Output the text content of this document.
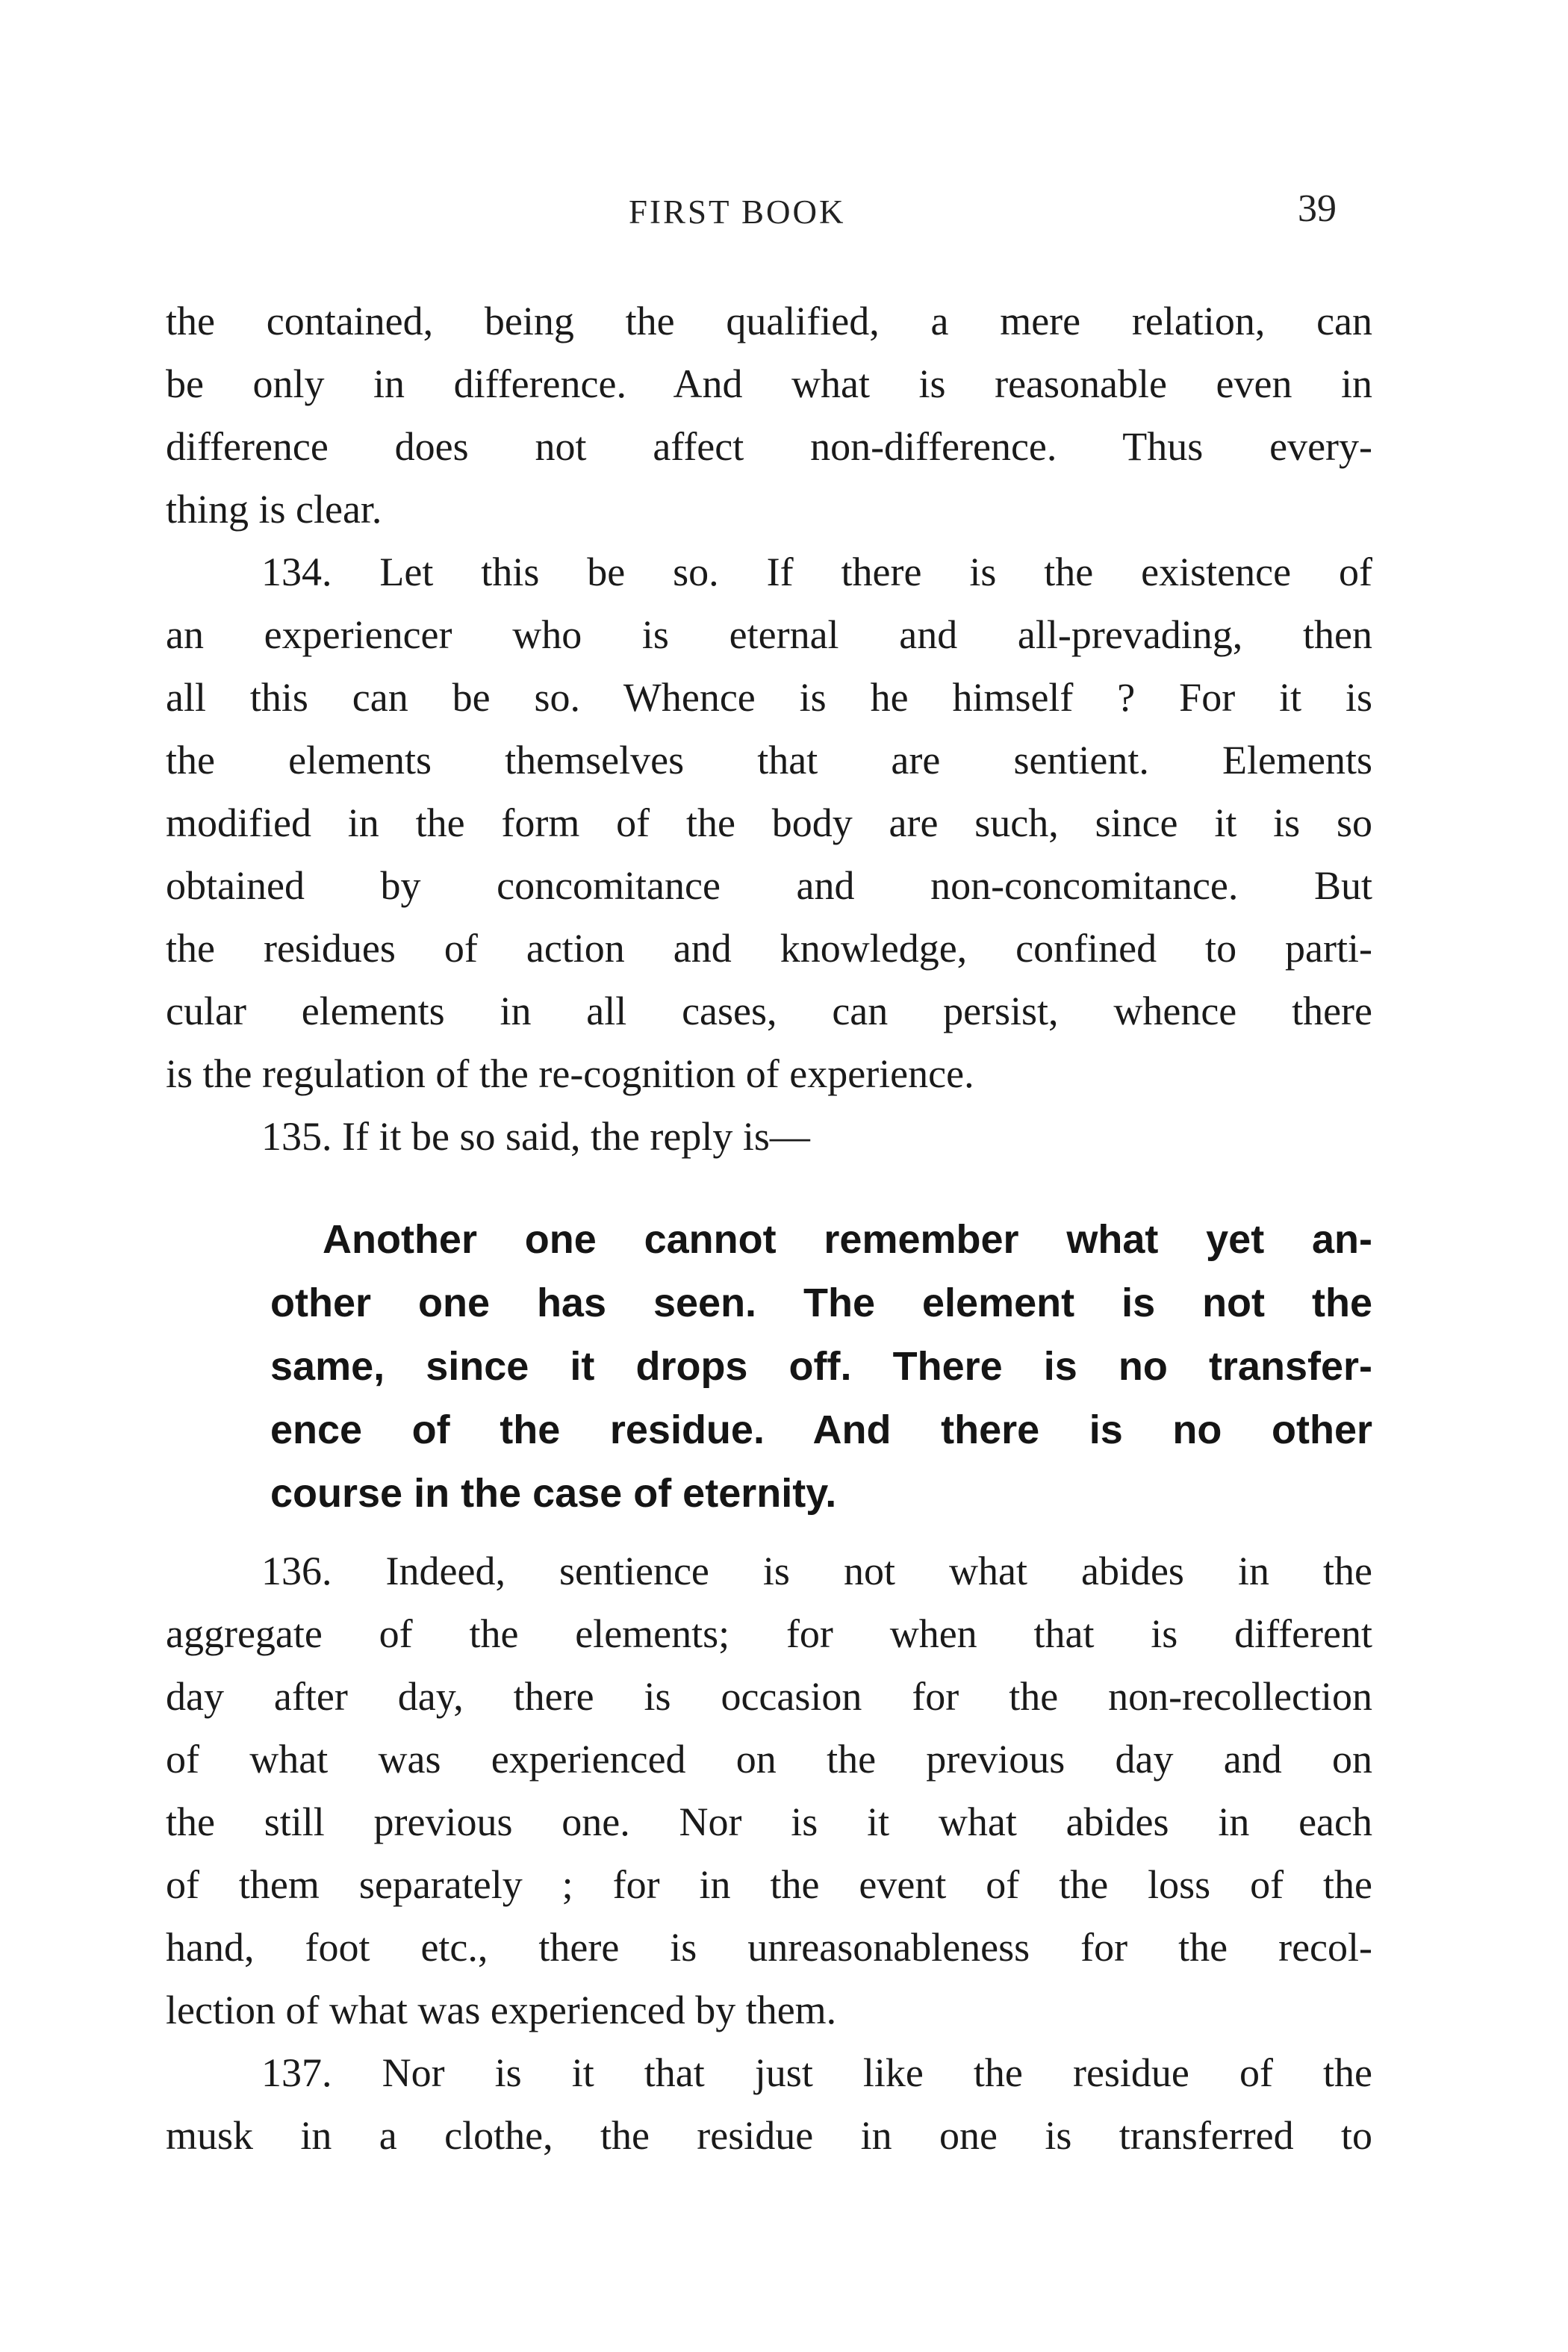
FIRST BOOK	39
the contained, being the qualified, a mere relation, can
be only in difference. And what is reasonable even in
difference does not affect non-difference. Thus every-
thing is clear.
134. Let this be so. If there is the existence of
an experiencer who is eternal and all-prevading, then
all this can be so. Whence is he himself ? For it is
the elements themselves that are sentient. Elements
modified in the form of the body are such, since it is so
obtained by concomitance and non-concomitance. But
the residues of action and knowledge, confined to parti-
cular elements in all cases, can persist, whence there
is the regulation of the re-cognition of experience.
135. If it be so said, the reply is—
Another one cannot remember what yet an-
other one has seen. The element is not the
same, since it drops off. There is no transfer-
ence of the residue. And there is no other
course in the case of eternity.
136. Indeed, sentience is not what abides in the
aggregate of the elements; for when that is different
day after day, there is occasion for the non-recollection
of what was experienced on the previous day and on
the still previous one. Nor is it what abides in each
of them separately ; for in the event of the loss of the
hand, foot etc., there is unreasonableness for the recol-
lection of what was experienced by them.
137. Nor is it that just like the residue of the
musk in a clothe, the residue in one is transferred to
